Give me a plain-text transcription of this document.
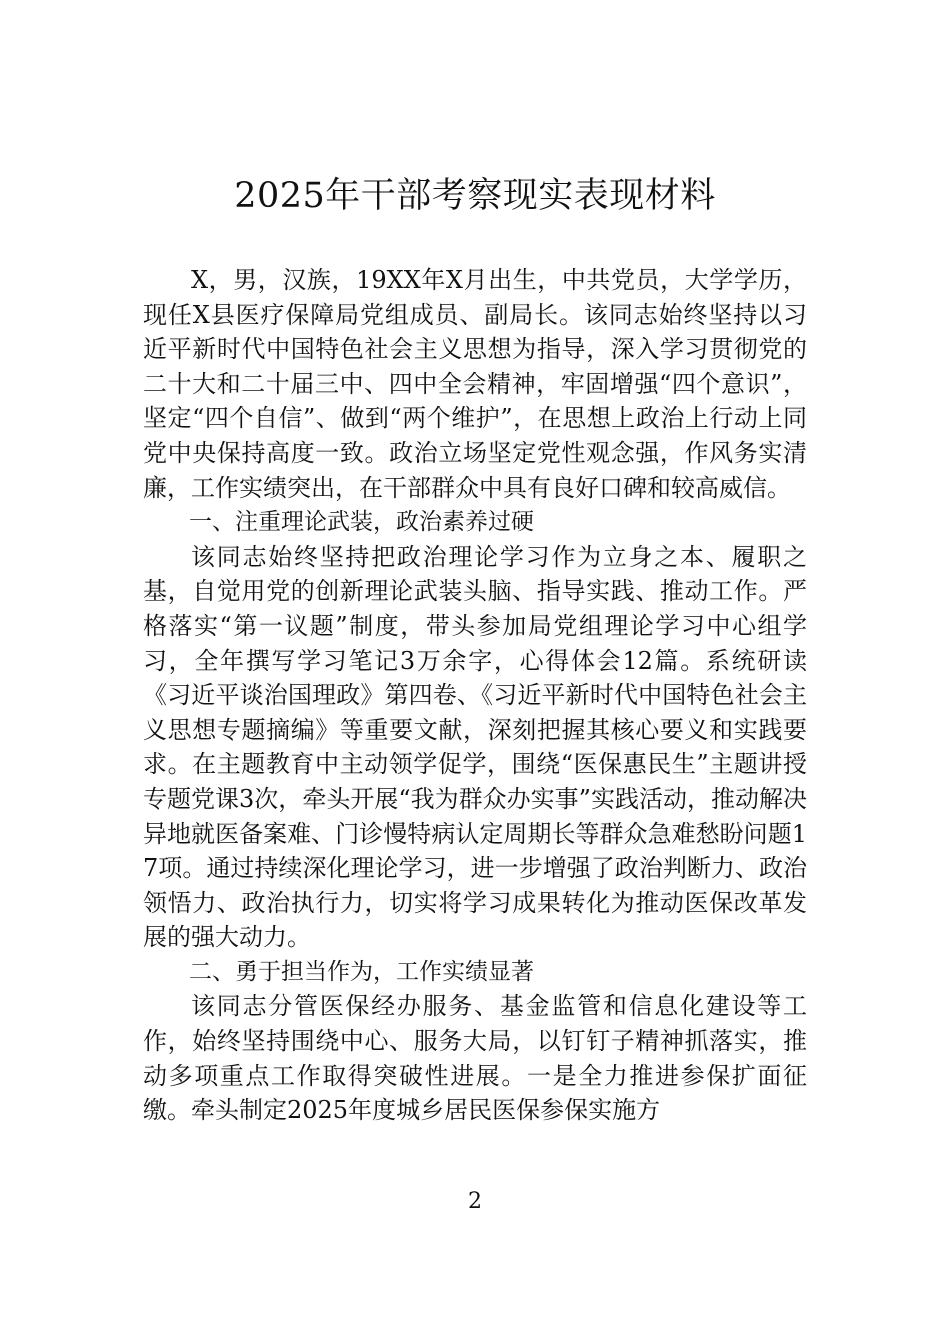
2025年干部考察现实表现材料

X，男，汉族，19XX年X月出生，中共党员，大学学历，现任X县医疗保障局党组成员、副局长。该同志始终坚持以习近平新时代中国特色社会主义思想为指导，深入学习贯彻党的二十大和二十届三中、四中全会精神，牢固增强“四个意识”，坚定“四个自信”、做到“两个维护”，在思想上政治上行动上同党中央保持高度一致。政治立场坚定党性观念强，作风务实清廉，工作实绩突出，在干部群众中具有良好口碑和较高威信。

一、注重理论武装，政治素养过硬

该同志始终坚持把政治理论学习作为立身之本、履职之基，自觉用党的创新理论武装头脑、指导实践、推动工作。严格落实“第一议题”制度，带头参加局党组理论学习中心组学习，全年撰写学习笔记3万余字，心得体会12篇。系统研读《习近平谈治国理政》第四卷、《习近平新时代中国特色社会主义思想专题摘编》等重要文献，深刻把握其核心要义和实践要求。在主题教育中主动领学促学，围绕“医保惠民生”主题讲授专题党课3次，牵头开展“我为群众办实事”实践活动，推动解决异地就医备案难、门诊慢特病认定周期长等群众急难愁盼问题17项。通过持续深化理论学习，进一步增强了政治判断力、政治领悟力、政治执行力，切实将学习成果转化为推动医保改革发展的强大动力。

二、勇于担当作为，工作实绩显著

该同志分管医保经办服务、基金监管和信息化建设等工作，始终坚持围绕中心、服务大局，以钉钉子精神抓落实，推动多项重点工作取得突破性进展。一是全力推进参保扩面征缴。牵头制定2025年度城乡居民医保参保实施方

2
